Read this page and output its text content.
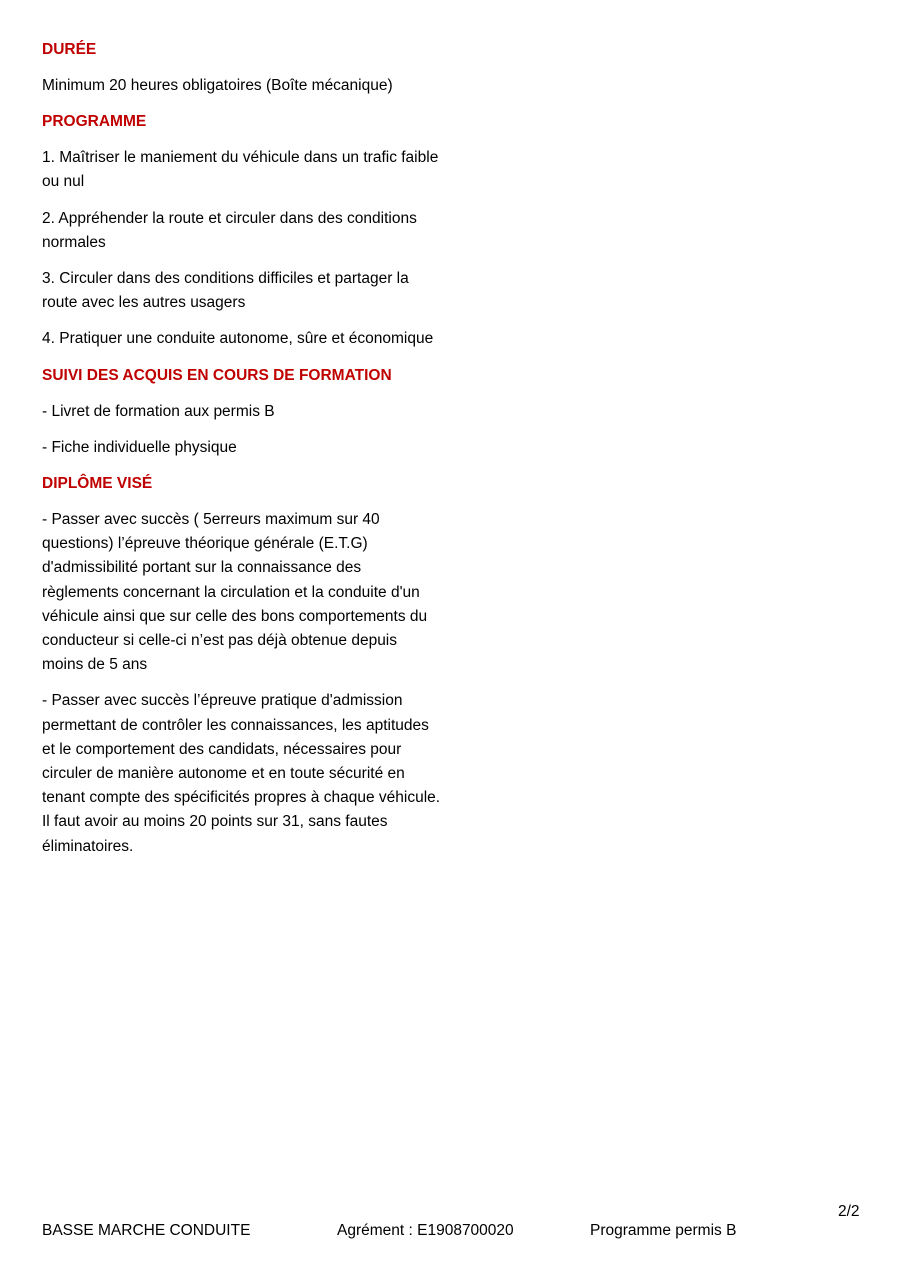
DURÉE
Minimum 20 heures obligatoires (Boîte mécanique)
PROGRAMME
1. Maîtriser le maniement du véhicule dans un trafic faible ou nul
2. Appréhender la route et circuler dans des conditions normales
3. Circuler dans des conditions difficiles et partager la route avec les autres usagers
4. Pratiquer une conduite autonome, sûre et économique
SUIVI DES ACQUIS EN COURS DE FORMATION
- Livret de formation aux permis B
- Fiche individuelle physique
DIPLÔME VISÉ
- Passer avec succès ( 5erreurs maximum sur 40 questions) l’épreuve théorique générale (E.T.G) d'admissibilité portant sur la connaissance des règlements concernant la circulation et la conduite d'un véhicule ainsi que sur celle des bons comportements du conducteur si celle-ci n’est pas déjà obtenue depuis moins de 5 ans
- Passer avec succès l’épreuve pratique d'admission permettant de contrôler les connaissances, les aptitudes et le comportement des candidats, nécessaires pour circuler de manière autonome et en toute sécurité en tenant compte des spécificités propres à chaque véhicule. Il faut avoir au moins 20 points sur 31, sans fautes éliminatoires.
2/2
BASSE MARCHE CONDUITE	Agrément : E1908700020	Programme permis B
